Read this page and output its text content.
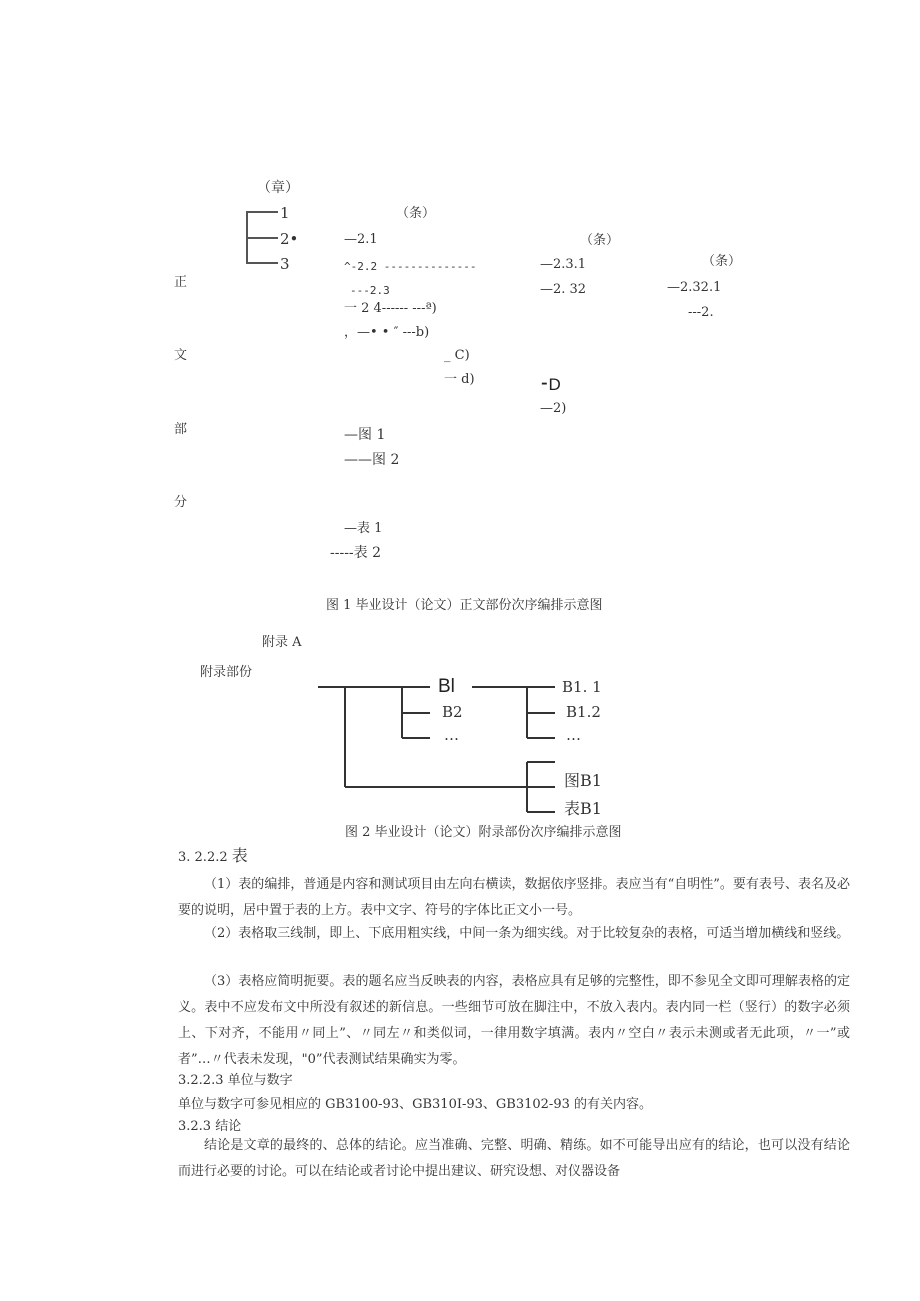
（章）
1
2•
3
正
文
部
分
（条）
—2.1
^-2.2 --------------
---2.3
一 2 4------ ---ª)
，—• • ″ ---b)
_ C)
一 d)
—图 1
——图 2
—表 1
-----表 2
（条）
—2.3.1
—2. 32
⁃D
—2)
（条）
—2.32.1
---2.
图 1 毕业设计（论文）正文部份次序编排示意图
附录 A
附录部份
Bl
B2
…
B1. 1
B1.2
…
图B1
表B1
图 2 毕业设计（论文）附录部份次序编排示意图
3. 2.2.2 表
（1）表的编排，普通是内容和测试项目由左向右横读，数据依序竖排。表应当有“自明性”。要有表号、表名及必要的说明，居中置于表的上方。表中文字、符号的字体比正文小一号。
（2）表格取三线制，即上、下底用粗实线，中间一条为细实线。对于比较复杂的表格，可适当增加横线和竖线。
（3）表格应简明扼要。表的题名应当反映表的内容，表格应具有足够的完整性，即不参见全文即可理解表格的定义。表中不应发布文中所没有叙述的新信息。一些细节可放在脚注中，不放入表内。表内同一栏（竖行）的数字必须上、下对齐，不能用〃同上”、〃同左〃和类似词，一律用数字填满。表内〃空白〃表示未测或者无此项，〃一”或者”…〃代表未发现，"0”代表测试结果确实为零。
3.2.2.3 单位与数字
单位与数字可参见相应的 GB3100-93、GB310I-93、GB3102-93 的有关内容。
3.2.3 结论
结论是文章的最终的、总体的结论。应当准确、完整、明确、精练。如不可能导出应有的结论，也可以没有结论而进行必要的讨论。可以在结论或者讨论中提出建议、研究设想、对仪器设备
